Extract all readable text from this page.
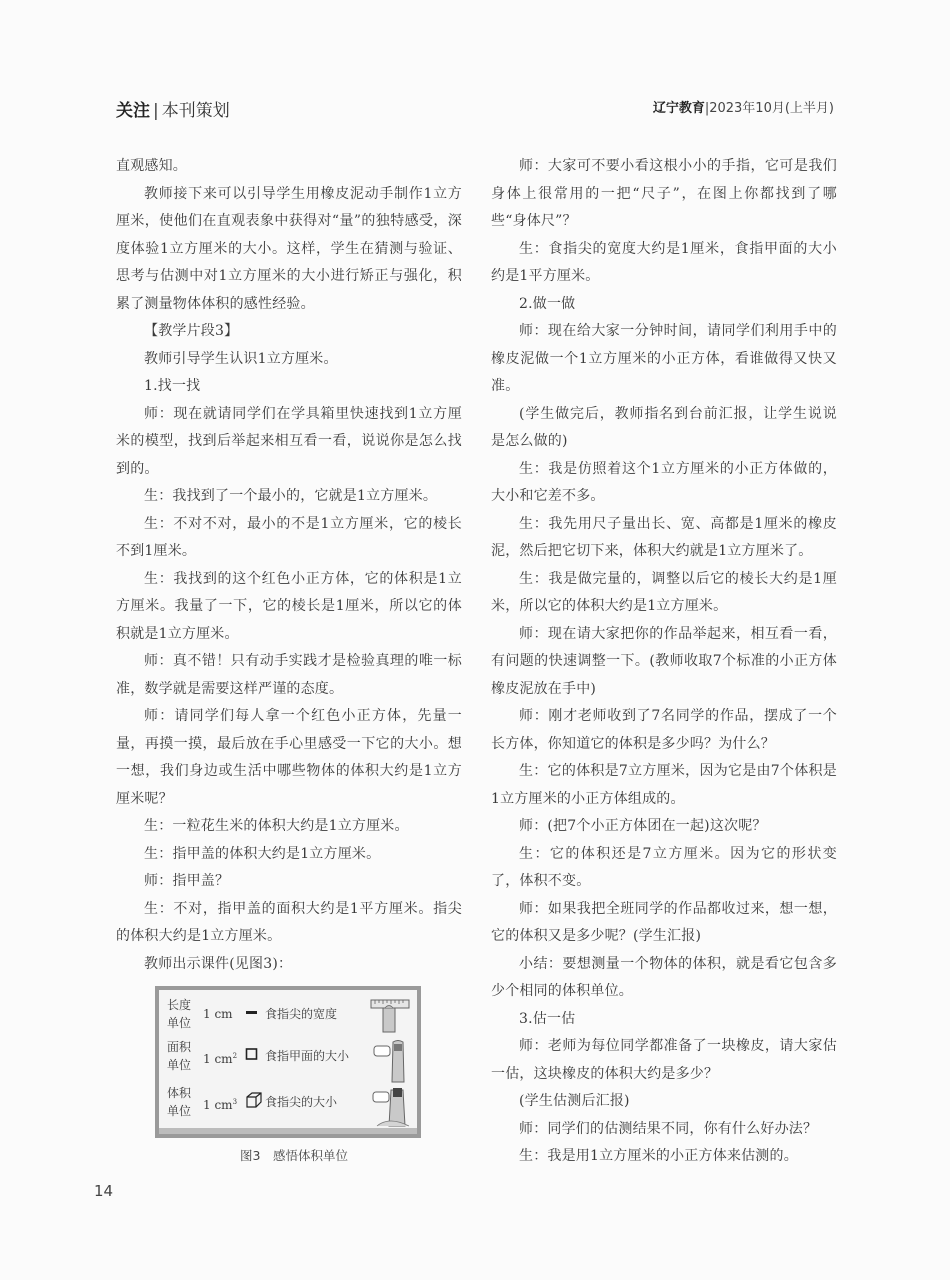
关注 | 本刊策划	辽宁教育|2023年10月(上半月)

直观感知。

教师接下来可以引导学生用橡皮泥动手制作1立方厘米，使他们在直观表象中获得对“量”的独特感受，深度体验1立方厘米的大小。这样，学生在猜测与验证、思考与估测中对1立方厘米的大小进行矫正与强化，积累了测量物体体积的感性经验。

【教学片段3】

教师引导学生认识1立方厘米。

1.找一找

师：现在就请同学们在学具箱里快速找到1立方厘米的模型，找到后举起来相互看一看，说说你是怎么找到的。

生：我找到了一个最小的，它就是1立方厘米。

生：不对不对，最小的不是1立方厘米，它的棱长不到1厘米。

生：我找到的这个红色小正方体，它的体积是1立方厘米。我量了一下，它的棱长是1厘米，所以它的体积就是1立方厘米。

师：真不错！只有动手实践才是检验真理的唯一标准，数学就是需要这样严谨的态度。

师：请同学们每人拿一个红色小正方体，先量一量，再摸一摸，最后放在手心里感受一下它的大小。想一想，我们身边或生活中哪些物体的体积大约是1立方厘米呢？

生：一粒花生米的体积大约是1立方厘米。

生：指甲盖的体积大约是1立方厘米。

师：指甲盖？

生：不对，指甲盖的面积大约是1平方厘米。指尖的体积大约是1立方厘米。

教师出示课件(见图3)：

长度单位
1 cm	食指尖的宽度
面积单位 1 $cm^2$ 食指甲面的大小
体积单位 1 $cm^3$ 食指尖的大小
图3　感悟体积单位

师：大家可不要小看这根小小的手指，它可是我们身体上很常用的一把“尺子”，在图上你都找到了哪些“身体尺”？

生：食指尖的宽度大约是1厘米，食指甲面的大小约是1平方厘米。

2.做一做

师：现在给大家一分钟时间，请同学们利用手中的橡皮泥做一个1立方厘米的小正方体，看谁做得又快又准。

(学生做完后，教师指名到台前汇报，让学生说说是怎么做的)

生：我是仿照着这个1立方厘米的小正方体做的，大小和它差不多。

生：我先用尺子量出长、宽、高都是1厘米的橡皮泥，然后把它切下来，体积大约就是1立方厘米了。

生：我是做完量的，调整以后它的棱长大约是1厘米，所以它的体积大约是1立方厘米。

师：现在请大家把你的作品举起来，相互看一看，有问题的快速调整一下。(教师收取7个标准的小正方体橡皮泥放在手中)

师：刚才老师收到了7名同学的作品，摆成了一个长方体，你知道它的体积是多少吗？为什么？

生：它的体积是7立方厘米，因为它是由7个体积是1立方厘米的小正方体组成的。

师：(把7个小正方体团在一起)这次呢？

生：它的体积还是7立方厘米。因为它的形状变了，体积不变。

师：如果我把全班同学的作品都收过来，想一想，它的体积又是多少呢？(学生汇报)

小结：要想测量一个物体的体积，就是看它包含多少个相同的体积单位。

3.估一估

师：老师为每位同学都准备了一块橡皮，请大家估一估，这块橡皮的体积大约是多少？

(学生估测后汇报)

师：同学们的估测结果不同，你有什么好办法？

生：我是用1立方厘米的小正方体来估测的。

14
